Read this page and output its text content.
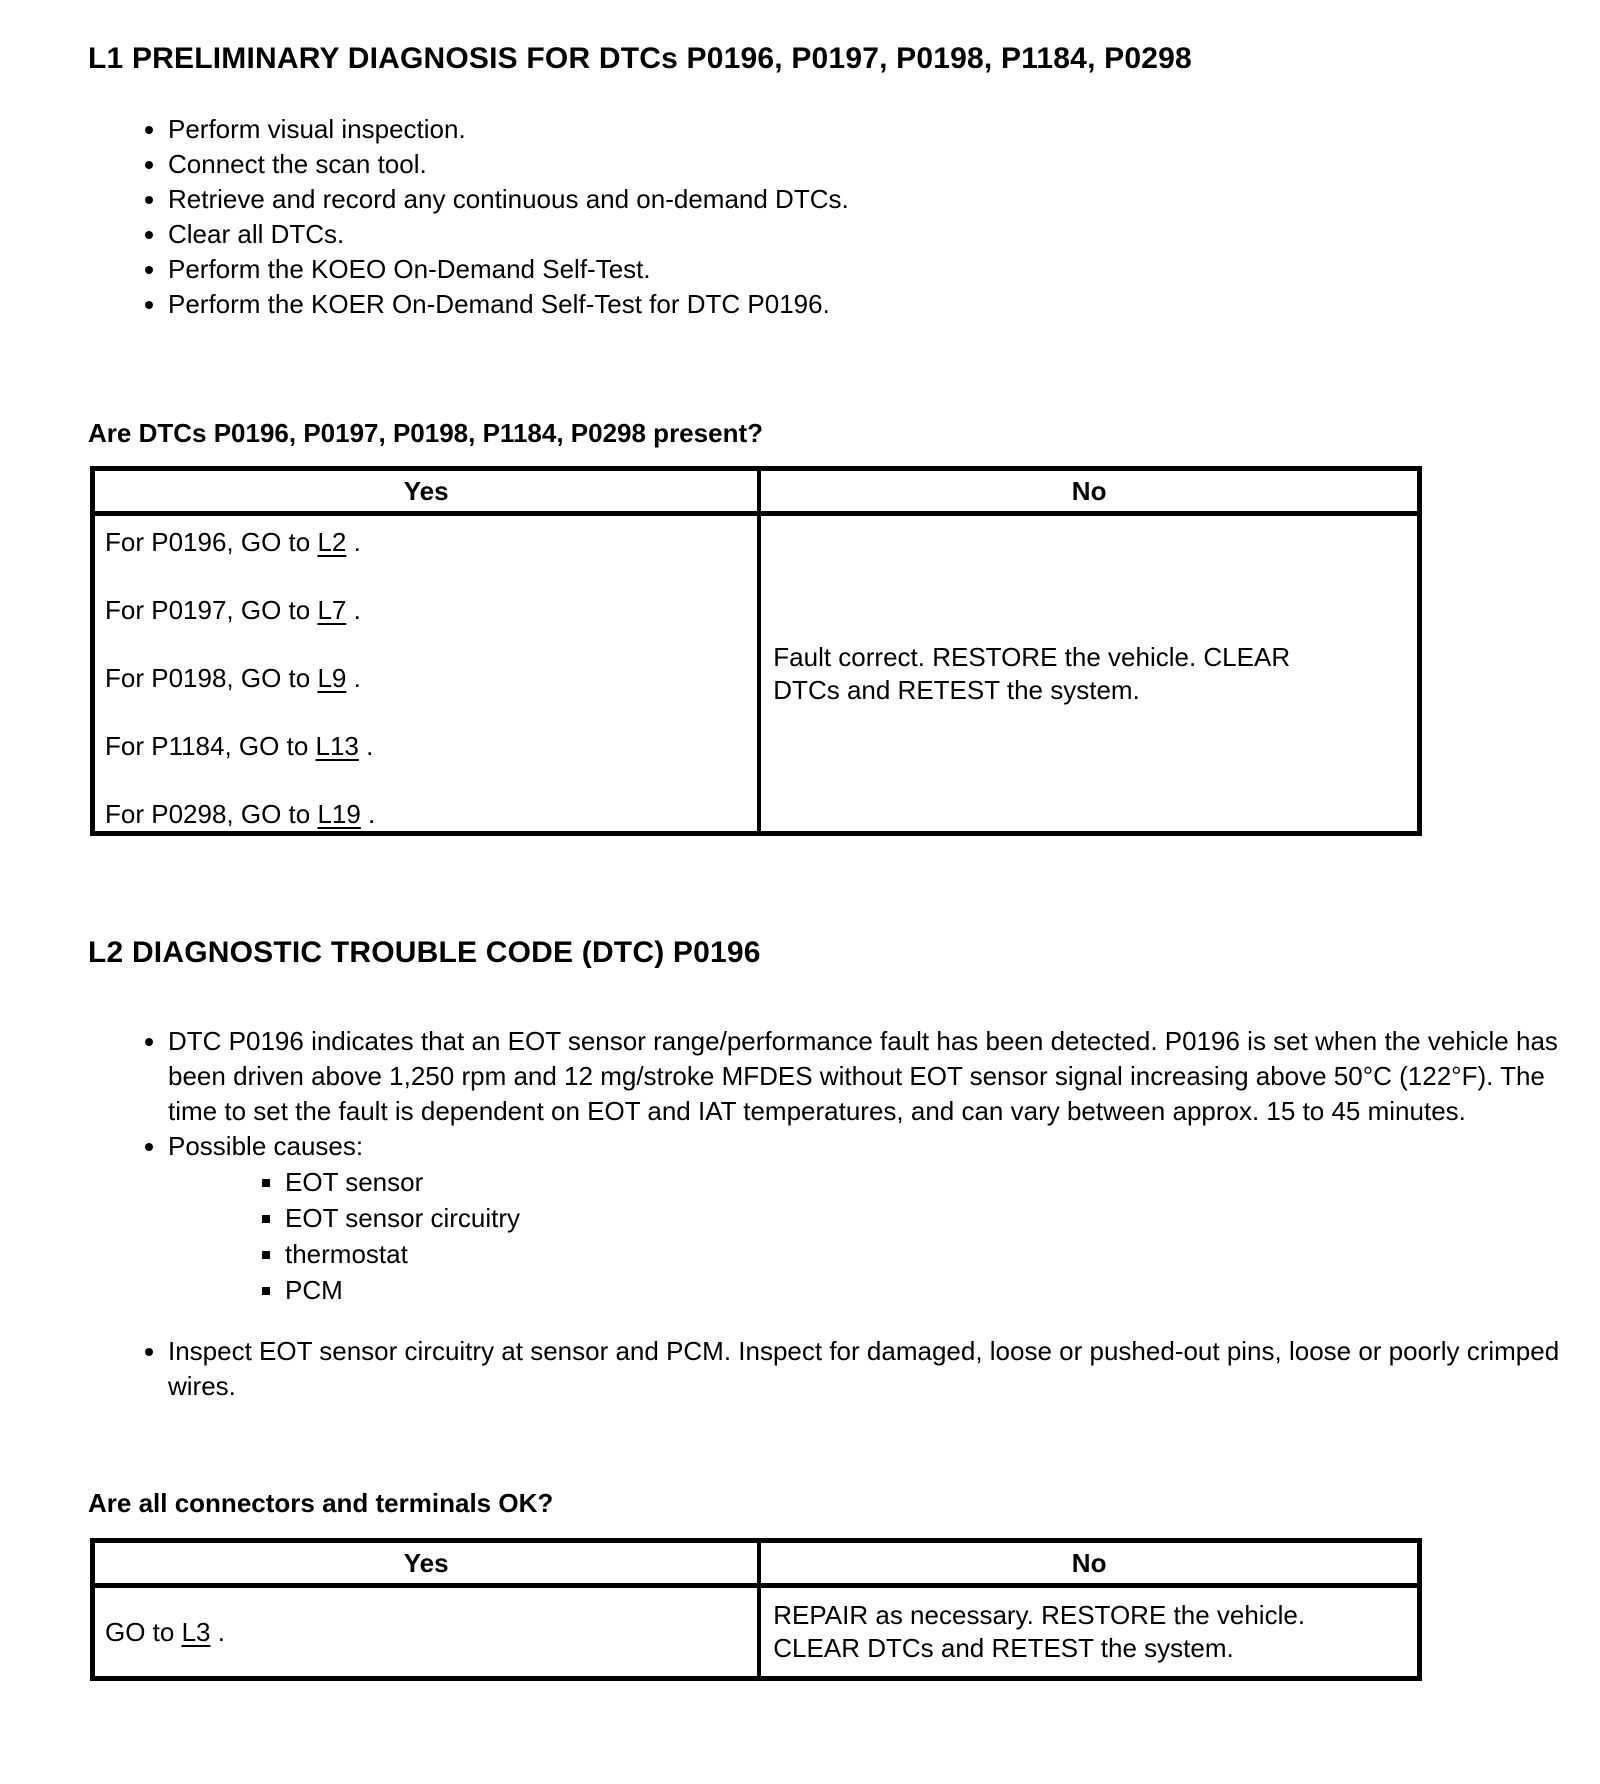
L1 PRELIMINARY DIAGNOSIS FOR DTCs P0196, P0197, P0198, P1184, P0298
• Perform visual inspection.
• Connect the scan tool.
• Retrieve and record any continuous and on-demand DTCs.
• Clear all DTCs.
• Perform the KOEO On-Demand Self-Test.
• Perform the KOER On-Demand Self-Test for DTC P0196.

Are DTCs P0196, P0197, P0198, P1184, P0298 present?

Yes	No

For P0196, GO to L2 .

For P0197, GO to L7 .

For P0198, GO to L9 .

For P1184, GO to L13 .

For P0298, GO to L19 .

Fault correct. RESTORE the vehicle. CLEAR DTCs and RETEST the system.

L2 DIAGNOSTIC TROUBLE CODE (DTC) P0196
• DTC P0196 indicates that an EOT sensor range/performance fault has been detected. P0196 is set when the vehicle has been driven above 1,250 rpm and 12 mg/stroke MFDES without EOT sensor signal increasing above 50°C (122°F). The time to set the fault is dependent on EOT and IAT temperatures, and can vary between approx. 15 to 45 minutes.
• Possible causes:
▪ EOT sensor
▪ EOT sensor circuitry
▪ thermostat
▪ PCM
• Inspect EOT sensor circuitry at sensor and PCM. Inspect for damaged, loose or pushed-out pins, loose or poorly crimped wires.

Are all connectors and terminals OK?

Yes	No

GO to L3 .

REPAIR as necessary. RESTORE the vehicle. CLEAR DTCs and RETEST the system.
